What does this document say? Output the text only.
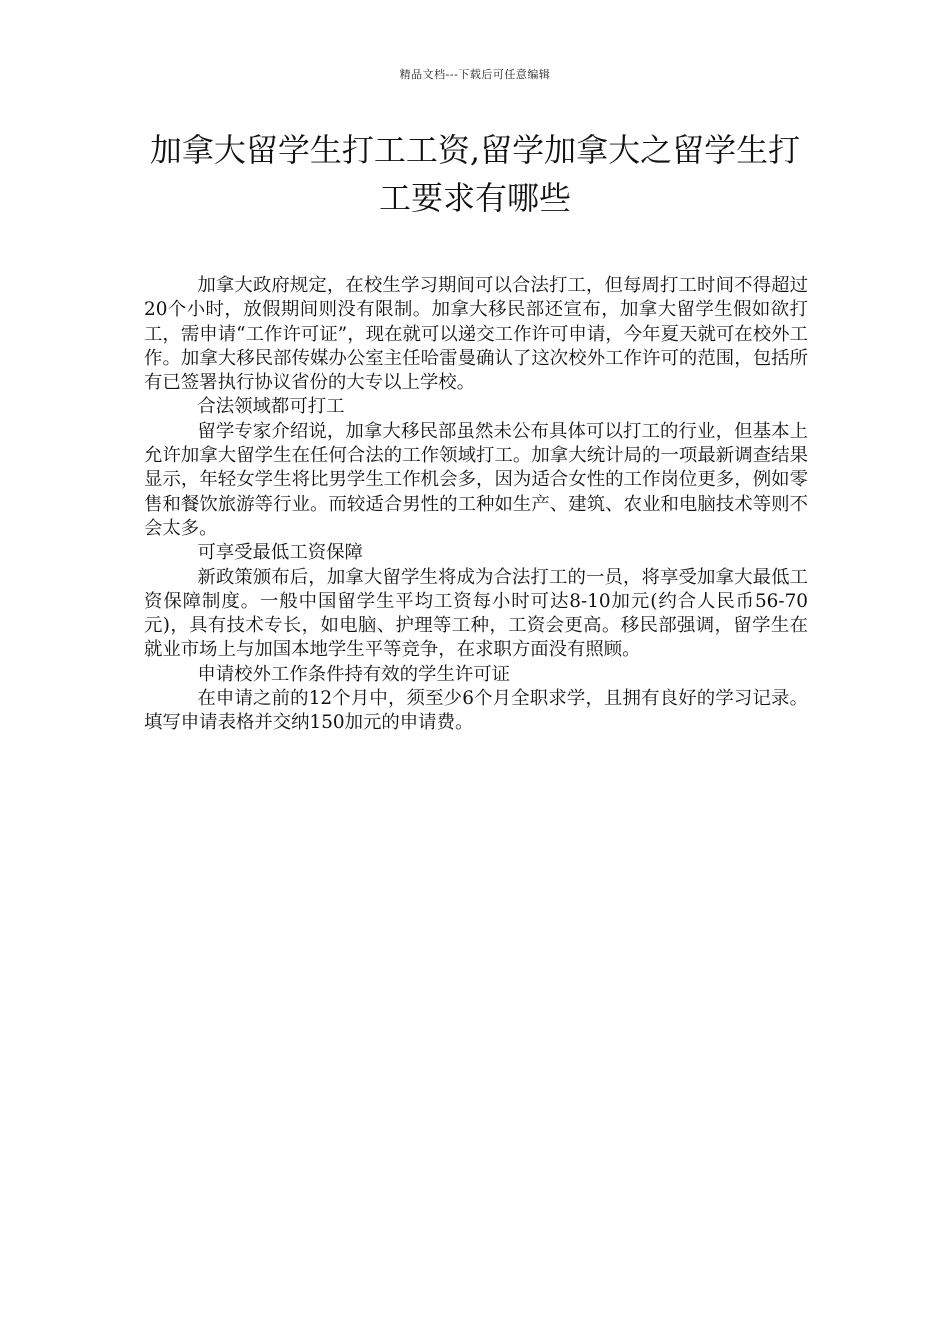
精品文档---下载后可任意编辑
加拿大留学生打工工资,留学加拿大之留学生打工要求有哪些

加拿大政府规定，在校生学习期间可以合法打工，但每周打工时间不得超过20个小时，放假期间则没有限制。加拿大移民部还宣布，加拿大留学生假如欲打工，需申请“工作许可证”，现在就可以递交工作许可申请，今年夏天就可在校外工作。加拿大移民部传媒办公室主任哈雷曼确认了这次校外工作许可的范围，包括所有已签署执行协议省份的大专以上学校。

合法领域都可打工

留学专家介绍说，加拿大移民部虽然未公布具体可以打工的行业，但基本上允许加拿大留学生在任何合法的工作领域打工。加拿大统计局的一项最新调查结果显示，年轻女学生将比男学生工作机会多，因为适合女性的工作岗位更多，例如零售和餐饮旅游等行业。而较适合男性的工种如生产、建筑、农业和电脑技术等则不会太多。

可享受最低工资保障

新政策颁布后，加拿大留学生将成为合法打工的一员，将享受加拿大最低工资保障制度。一般中国留学生平均工资每小时可达8-10加元(约合人民币56-70元)，具有技术专长，如电脑、护理等工种，工资会更高。移民部强调，留学生在就业市场上与加国本地学生平等竞争，在求职方面没有照顾。

申请校外工作条件持有效的学生许可证

在申请之前的12个月中，须至少6个月全职求学，且拥有良好的学习记录。填写申请表格并交纳150加元的申请费。
